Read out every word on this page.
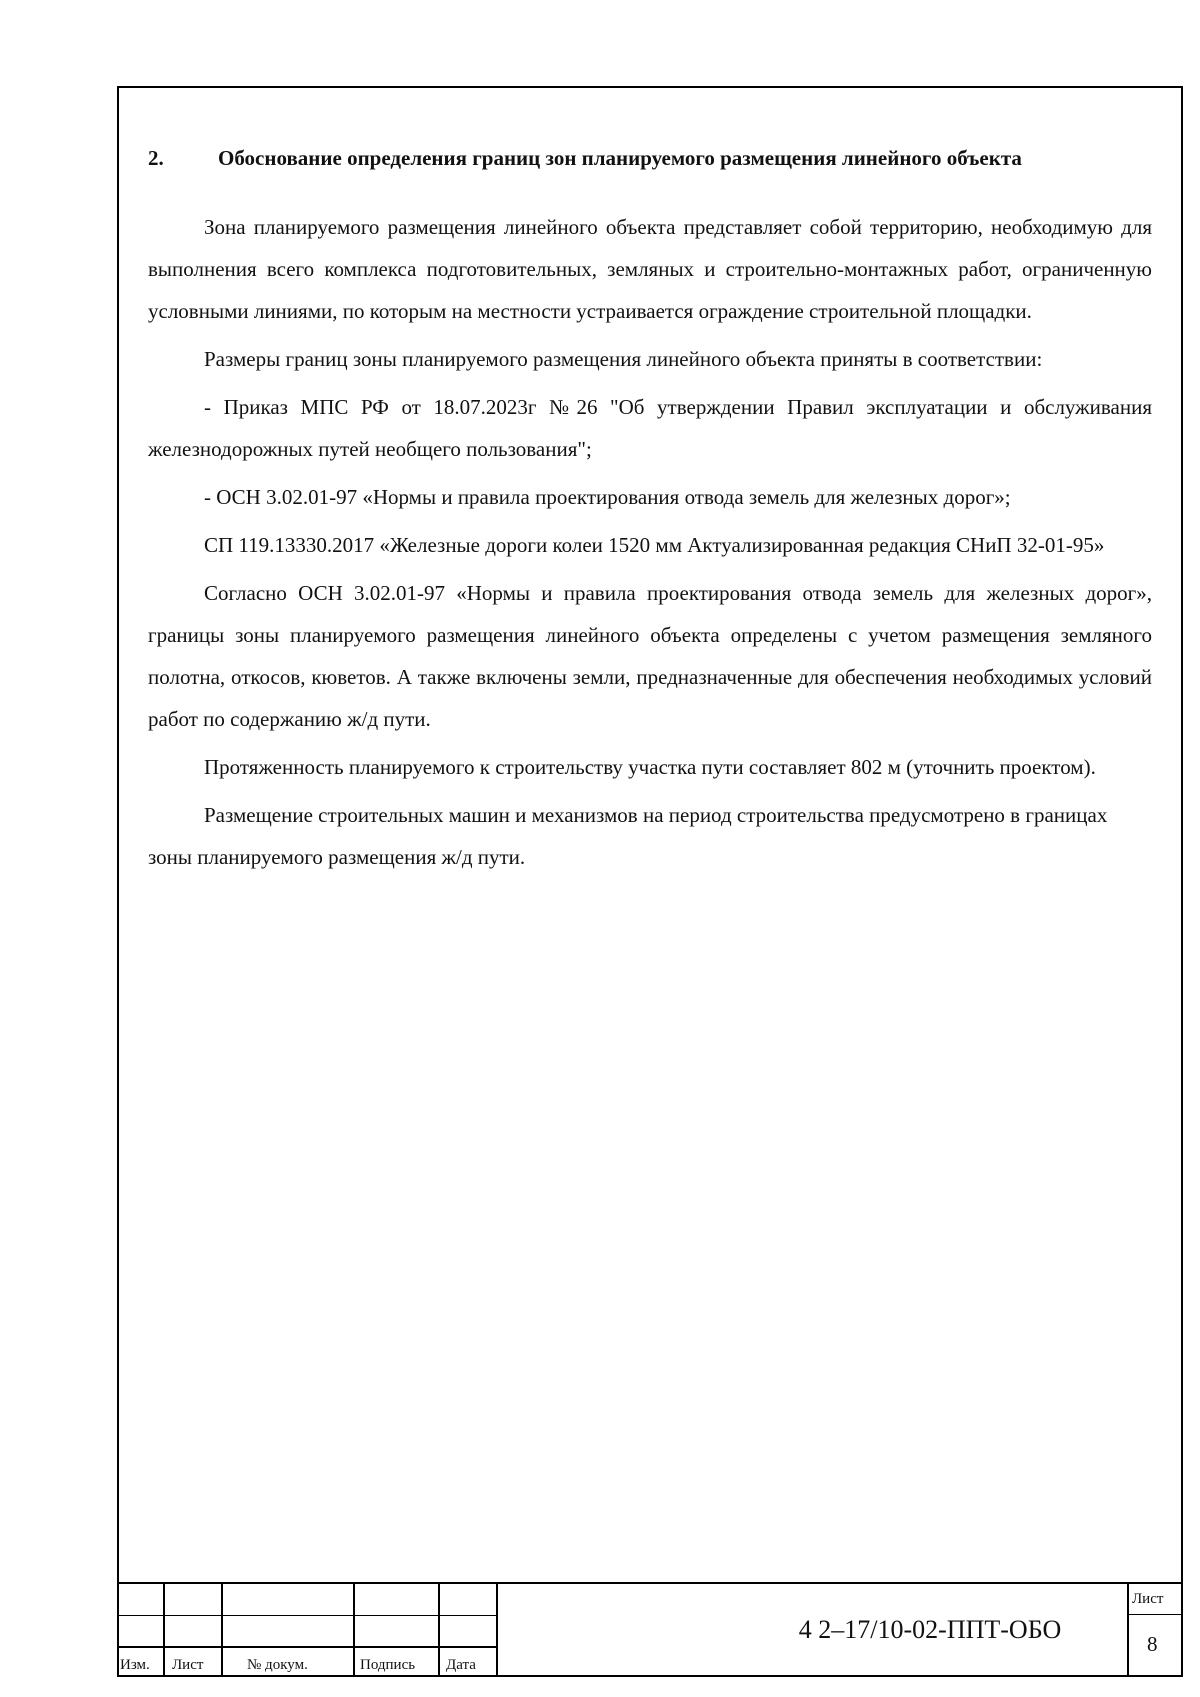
2.	Обоснование определения границ зон планируемого размещения линейного объекта

Зона планируемого размещения линейного объекта представляет собой территорию, необходимую для выполнения всего комплекса подготовительных, земляных и строительно-монтажных работ, ограниченную условными линиями, по которым на местности устраивается ограждение строительной площадки.

Размеры границ зоны планируемого размещения линейного объекта приняты в соответствии:

- Приказ МПС РФ от 18.07.2023г №26 "Об утверждении Правил эксплуатации и обслуживания железнодорожных путей необщего пользования";

- ОСН 3.02.01-97 «Нормы и правила проектирования отвода земель для железных дорог»;

СП 119.13330.2017 «Железные дороги колеи 1520 мм Актуализированная редакция СНиП 32-01-95»

Согласно ОСН 3.02.01-97 «Нормы и правила проектирования отвода земель для железных дорог», границы зоны планируемого размещения линейного объекта определены с учетом размещения земляного полотна, откосов, кюветов. А также включены земли, предназначенные для обеспечения необходимых условий работ по содержанию ж/д пути.

Протяженность планируемого к строительству участка пути составляет 802 м (уточнить проектом).

Размещение строительных машин и механизмов на период строительства предусмотрено в границах зоны планируемого размещения ж/д пути.

Изм. Лист	№ докум.	Подпись Дата
4 2–17/10-02-ППТ-ОБО
Лист
8
